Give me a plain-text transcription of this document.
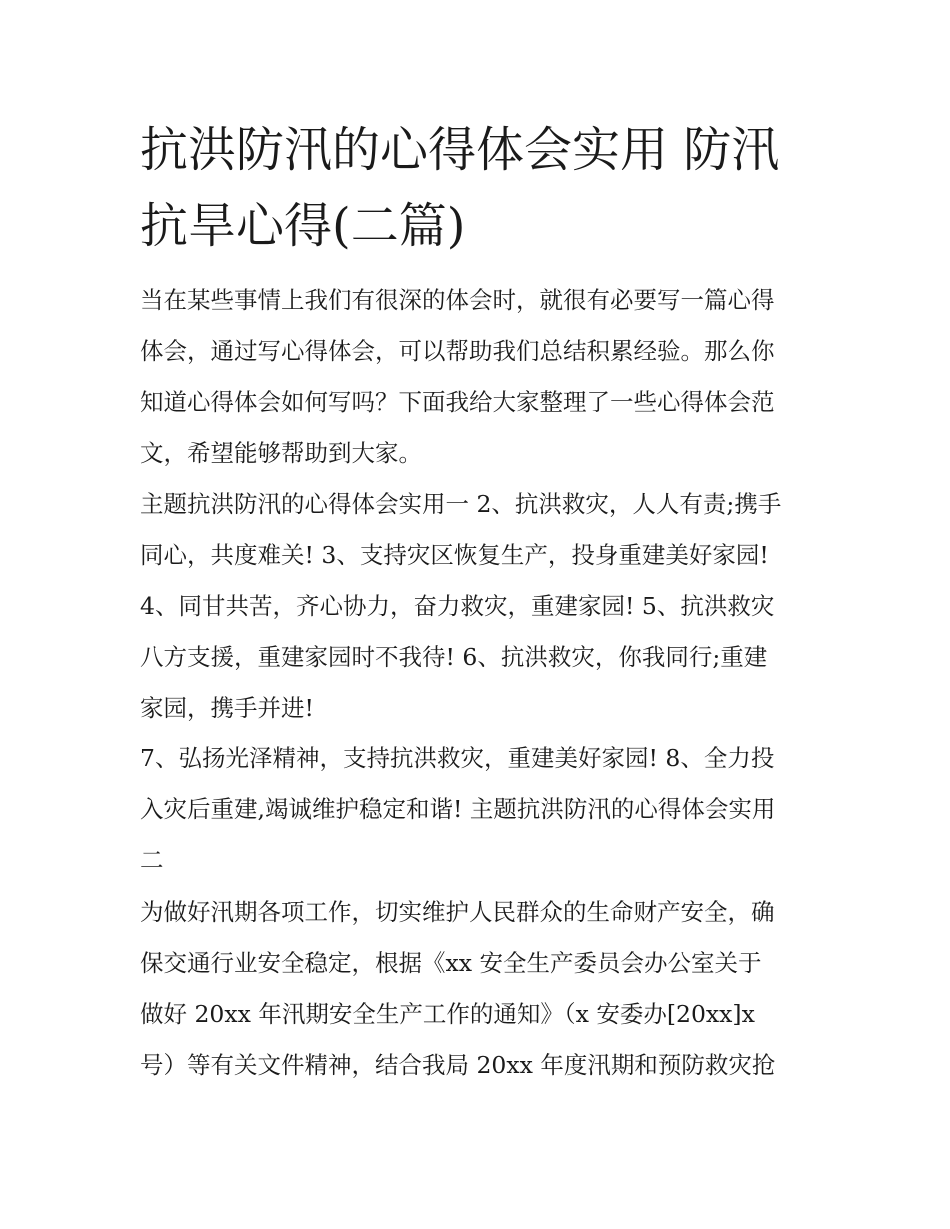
抗洪防汛的心得体会实用 防汛
抗旱心得(二篇)

当在某些事情上我们有很深的体会时，就很有必要写一篇心得
体会，通过写心得体会，可以帮助我们总结积累经验。那么你
知道心得体会如何写吗？下面我给大家整理了一些心得体会范
文，希望能够帮助到大家。

主题抗洪防汛的心得体会实用一 2、抗洪救灾，人人有责;携手
同心，共度难关! 3、支持灾区恢复生产，投身重建美好家园!
4、同甘共苦，齐心协力，奋力救灾，重建家园! 5、抗洪救灾
八方支援，重建家园时不我待! 6、抗洪救灾，你我同行;重建
家园，携手并进!

7、弘扬光泽精神，支持抗洪救灾，重建美好家园! 8、全力投
入灾后重建,竭诚维护稳定和谐! 主题抗洪防汛的心得体会实用
二

为做好汛期各项工作，切实维护人民群众的生命财产安全，确
保交通行业安全稳定，根据《xx 安全生产委员会办公室关于
做好 20xx 年汛期安全生产工作的通知》（x 安委办[20xx]x
号）等有关文件精神，结合我局 20xx 年度汛期和预防救灾抢
